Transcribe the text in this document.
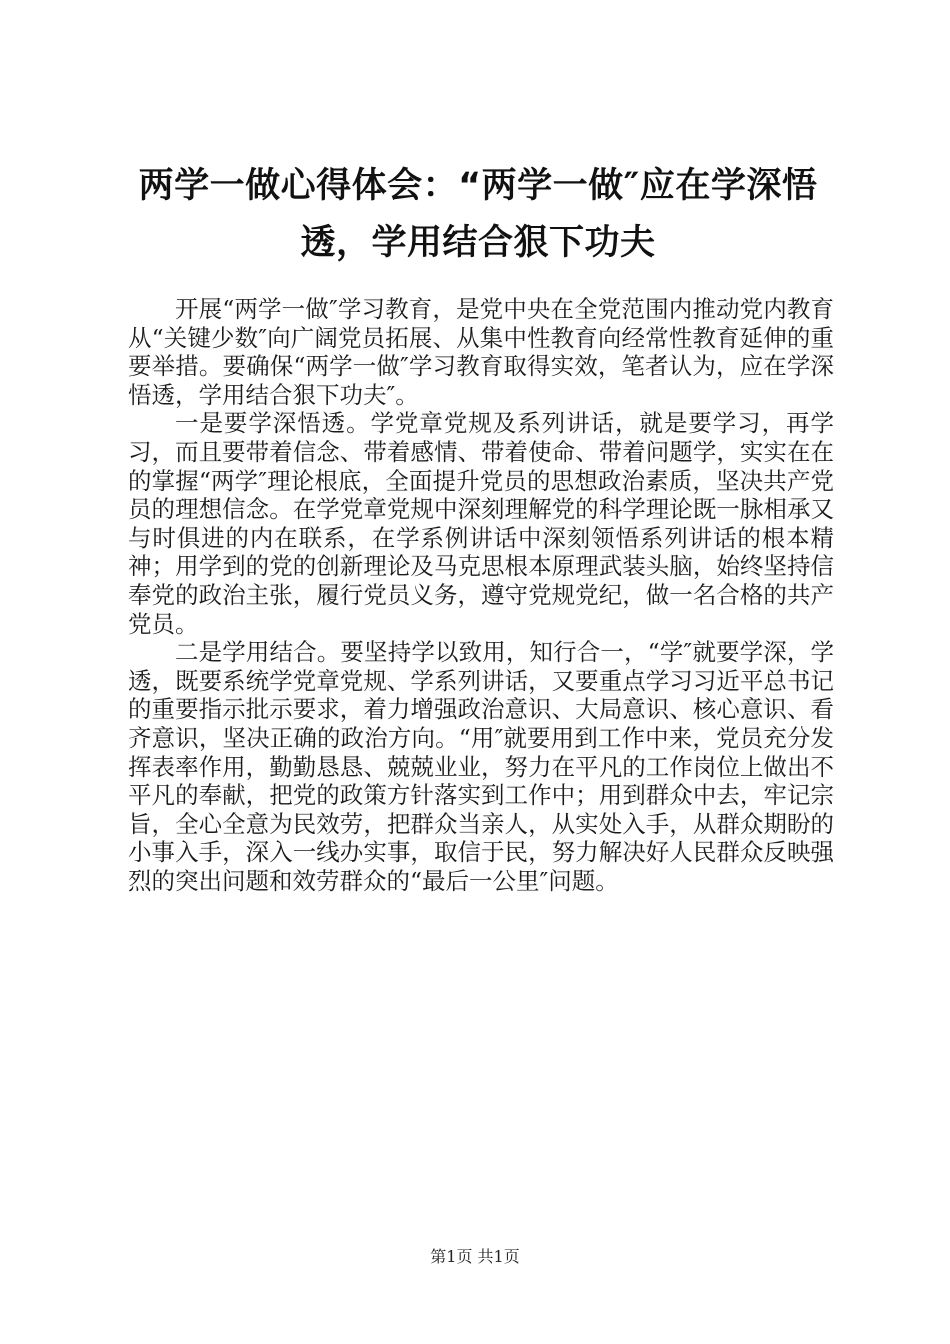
两学一做心得体会：“两学一做″应在学深悟透，学用结合狠下功夫

开展“两学一做″学习教育，是党中央在全党范围内推动党内教育从“关键少数″向广阔党员拓展、从集中性教育向经常性教育延伸的重要举措。要确保“两学一做″学习教育取得实效，笔者认为，应在学深悟透，学用结合狠下功夫″。

一是要学深悟透。学党章党规及系列讲话，就是要学习，再学习，而且要带着信念、带着感情、带着使命、带着问题学，实实在在的掌握“两学″理论根底，全面提升党员的思想政治素质，坚决共产党员的理想信念。在学党章党规中深刻理解党的科学理论既一脉相承又与时俱进的内在联系，在学系例讲话中深刻领悟系列讲话的根本精神；用学到的党的创新理论及马克思根本原理武装头脑，始终坚持信奉党的政治主张，履行党员义务，遵守党规党纪，做一名合格的共产党员。

二是学用结合。要坚持学以致用，知行合一，“学″就要学深，学透，既要系统学党章党规、学系列讲话，又要重点学习习近平总书记的重要指示批示要求，着力增强政治意识、大局意识、核心意识、看齐意识，坚决正确的政治方向。“用″就要用到工作中来，党员充分发挥表率作用，勤勤恳恳、兢兢业业，努力在平凡的工作岗位上做出不平凡的奉献，把党的政策方针落实到工作中；用到群众中去，牢记宗旨，全心全意为民效劳，把群众当亲人，从实处入手，从群众期盼的小事入手，深入一线办实事，取信于民，努力解决好人民群众反映强烈的突出问题和效劳群众的“最后一公里″问题。

第1页 共1页
